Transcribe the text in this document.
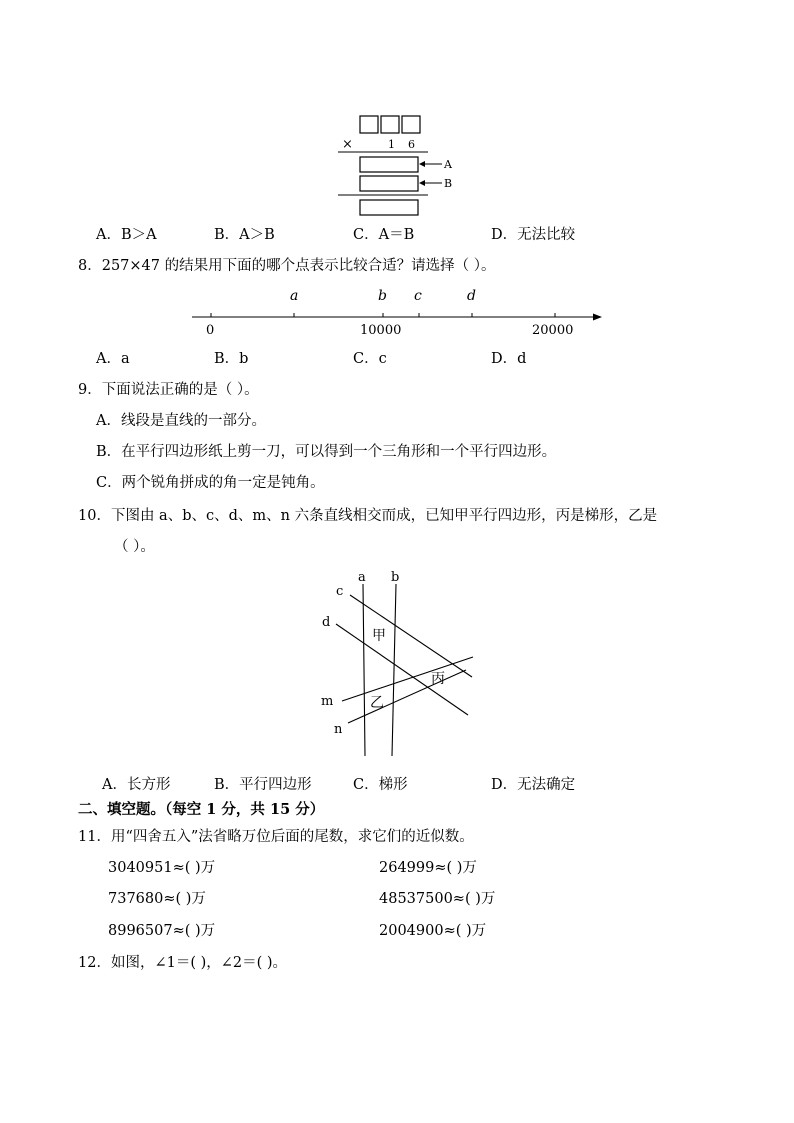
×	1 6
A
B
A．B＞A	B．A＞B	C．A＝B	D．无法比较
8．257×47 的结果用下面的哪个点表示比较合适？请选择（ ）。
a	b c	d
0	10000	20000
A．a	B．b	C．c	D．d
9．下面说法正确的是（ ）。
A．线段是直线的一部分。
B．在平行四边形纸上剪一刀，可以得到一个三角形和一个平行四边形。
C．两个锐角拼成的角一定是钝角。
10．下图由 a、b、c、d、m、n 六条直线相交而成，已知甲平行四边形，丙是梯形，乙是
（ ）。
a b
c
d
m
n
甲
乙
丙
A．长方形	B．平行四边形	C．梯形	D．无法确定
二、填空题。（每空 1 分，共 15 分）
11．用“四舍五入”法省略万位后面的尾数，求它们的近似数。
3040951≈( )万	264999≈( )万
737680≈( )万	48537500≈( )万
8996507≈( )万	2004900≈( )万
12．如图，∠1＝( )，∠2＝( )。
